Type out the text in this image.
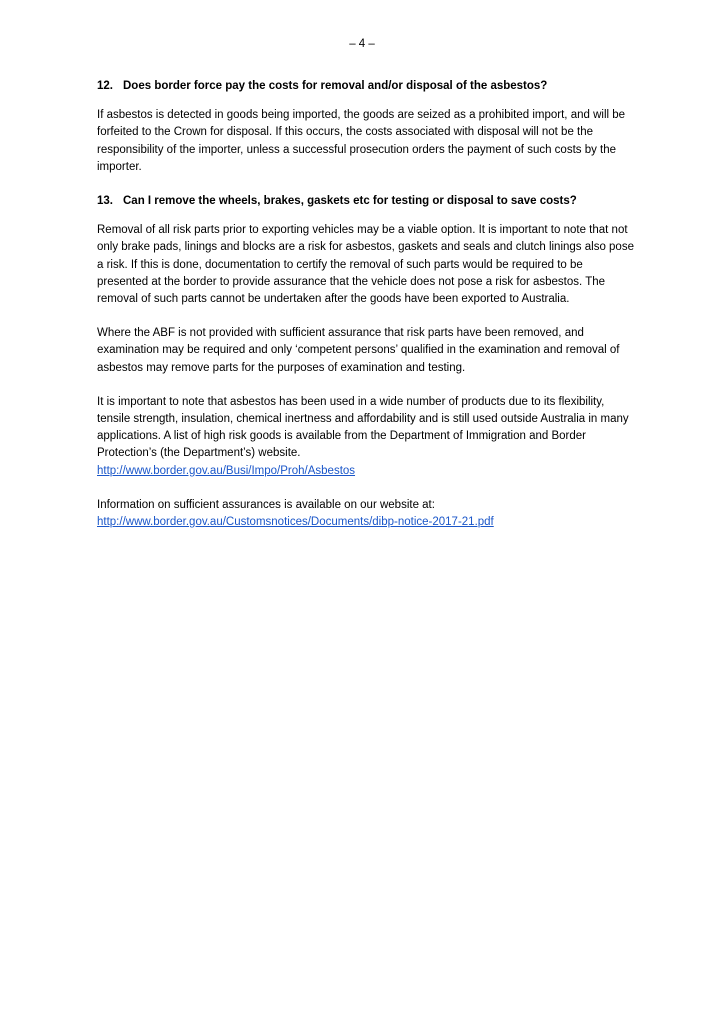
– 4 –
12. Does border force pay the costs for removal and/or disposal of the asbestos?

If asbestos is detected in goods being imported, the goods are seized as a prohibited import, and will be forfeited to the Crown for disposal. If this occurs, the costs associated with disposal will not be the responsibility of the importer, unless a successful prosecution orders the payment of such costs by the importer.

13. Can I remove the wheels, brakes, gaskets etc for testing or disposal to save costs?

Removal of all risk parts prior to exporting vehicles may be a viable option. It is important to note that not only brake pads, linings and blocks are a risk for asbestos, gaskets and seals and clutch linings also pose a risk. If this is done, documentation to certify the removal of such parts would be required to be presented at the border to provide assurance that the vehicle does not pose a risk for asbestos. The removal of such parts cannot be undertaken after the goods have been exported to Australia.

Where the ABF is not provided with sufficient assurance that risk parts have been removed, and examination may be required and only ‘competent persons’ qualified in the examination and removal of asbestos may remove parts for the purposes of examination and testing.

It is important to note that asbestos has been used in a wide number of products due to its flexibility, tensile strength, insulation, chemical inertness and affordability and is still used outside Australia in many applications. A list of high risk goods is available from the Department of Immigration and Border Protection’s (the Department’s) website.

http://www.border.gov.au/Busi/Impo/Proh/Asbestos

Information on sufficient assurances is available on our website at:

http://www.border.gov.au/Customsnotices/Documents/dibp-notice-2017-21.pdf
